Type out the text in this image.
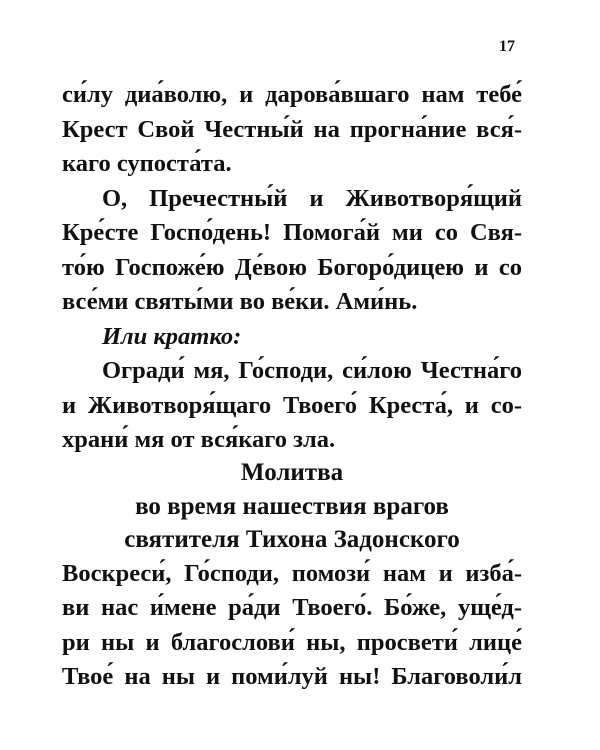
17
си́лу диа́волю, и дарова́вшаго нам тебе́
Крест Свой Честны́й на прогна́ние вся́-
каго супоста́та.
О, Пречестны́й и Животворя́щий
Кре́сте Госпо́день! Помога́й ми со Свя-
то́ю Госпоже́ю Де́вою Богоро́дицею и со
все́ми святы́ми во ве́ки. Ами́нь.
Или кратко:
Огради́ мя, Го́споди, си́лою Честна́го
и Животворя́щаго Твоего́ Креста́, и со-
храни́ мя от вся́каго зла.
Молитва
во время нашествия врагов
святителя Тихона Задонского
Воскреси́, Го́споди, помози́ нам и изба́-
ви нас и́мене ра́ди Твоего́. Бо́же, уще́д-
ри ны и благослови́ ны, просвети́ лице́
Твое́ на ны и поми́луй ны! Благоволи́л
